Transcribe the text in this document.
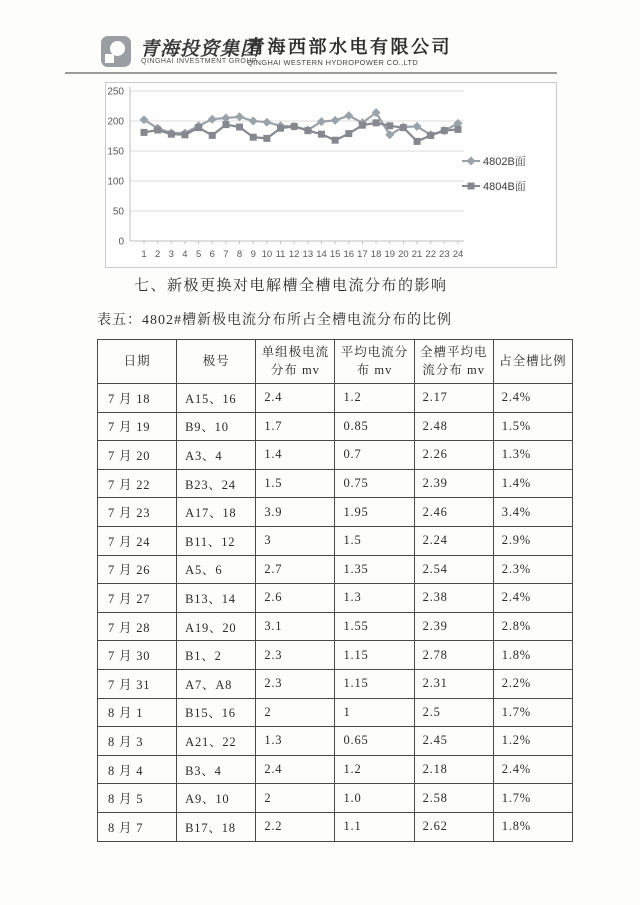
青海投资集团
QINGHAI INVESTMENT GROUP
青海西部水电有限公司
QINGHAI WESTERN HYDROPOWER CO.,LTD
0
50
100
150
200
250
1 2 3 4 5 6 7 8 9 10 11 12 13 14 15 16 17 18 19 20 21 22 23 24
4802B面
4804B面
七、新极更换对电解槽全槽电流分布的影响
表五：4802#槽新极电流分布所占全槽电流分布的比例
日期	极号	单组极电流 分布 mv	平均电流分 布 mv	全槽平均电 流分布 mv	占全槽比例
7 月 18	A15、16	2.4	1.2	2.17	2.4%
7 月 19	B9、10	1.7	0.85	2.48	1.5%
7 月 20	A3、4	1.4	0.7	2.26	1.3%
7 月 22	B23、24	1.5	0.75	2.39	1.4%
7 月 23	A17、18	3.9	1.95	2.46	3.4%
7 月 24	B11、12	3	1.5	2.24	2.9%
7 月 26	A5、6	2.7	1.35	2.54	2.3%
7 月 27	B13、14	2.6	1.3	2.38	2.4%
7 月 28	A19、20	3.1	1.55	2.39	2.8%
7 月 30	B1、2	2.3	1.15	2.78	1.8%
7 月 31	A7、A8	2.3	1.15	2.31	2.2%
8 月 1	B15、16	2	1	2.5	1.7%
8 月 3	A21、22	1.3	0.65	2.45	1.2%
8 月 4	B3、4	2.4	1.2	2.18	2.4%
8 月 5	A9、10	2	1.0	2.58	1.7%
8 月 7	B17、18	2.2	1.1	2.62	1.8%
